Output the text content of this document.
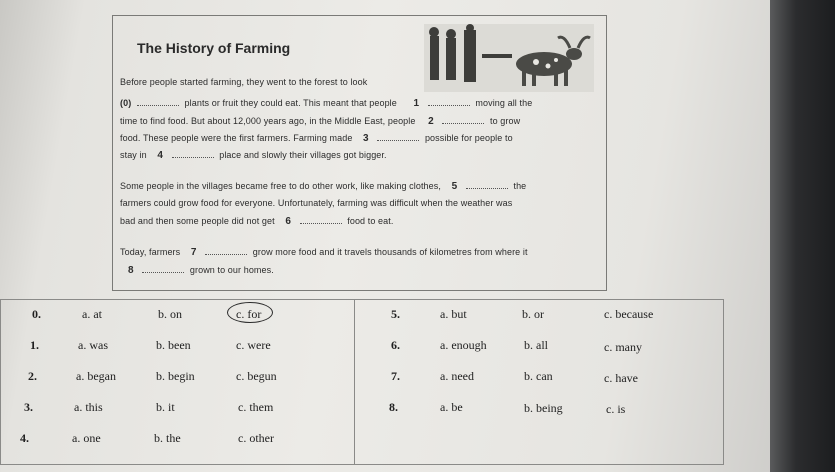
The History of Farming
Before people started farming, they went to the forest to look
(0)	plants or fruit they could eat. This meant that people 1	moving all the
time to find food. But about 12,000 years ago, in the Middle East, people 2	to grow
food. These people were the first farmers. Farming made 3	possible for people to
stay in 4	place and slowly their villages got bigger.
Some people in the villages became free to do other work, like making clothes, 5	the
farmers could grow food for everyone. Unfortunately, farming was difficult when the weather was
bad and then some people did not get 6	food to eat.
Today, farmers 7	grow more food and it travels thousands of kilometres from where it
8	grown to our homes.
0.	a. at	b. on	c. for
1.	a. was	b. been	c. were
2.	a. began	b. begin	c. begun
3.	a. this	b. it	c. them
4.	a. one	b. the	c. other
5.	a. but	b. or	c. because
6.	a. enough	b. all	c. many
7.	a. need	b. can	c. have
8.	a. be	b. being	c. is
